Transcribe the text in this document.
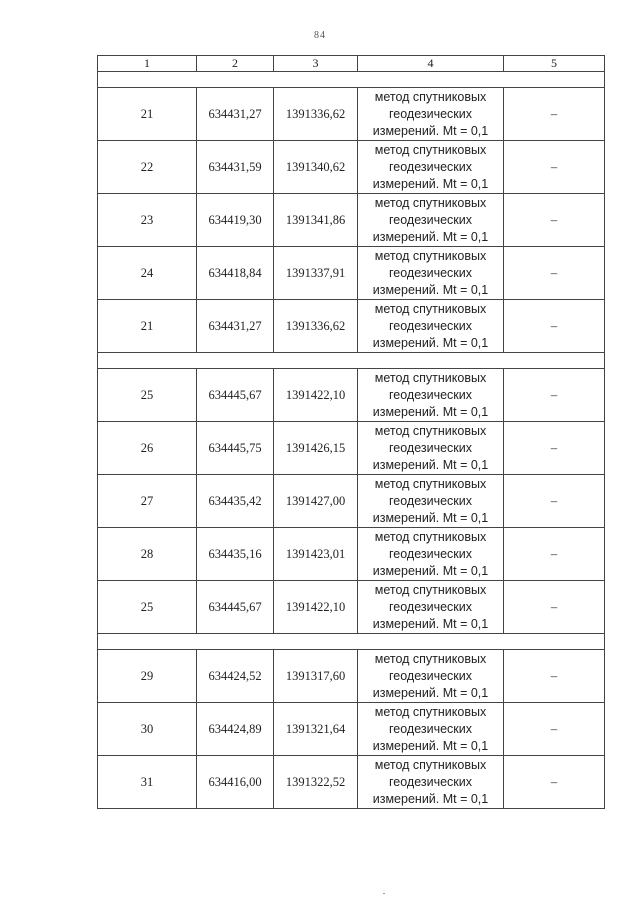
84
1	2	3	4	5

21	634431,27	1391336,62	метод спутниковых
геодезических
измерений. Mt = 0,1	–
22	634431,59	1391340,62	метод спутниковых
геодезических
измерений. Mt = 0,1	–
23	634419,30	1391341,86	метод спутниковых
геодезических
измерений. Mt = 0,1	–
24	634418,84	1391337,91	метод спутниковых
геодезических
измерений. Mt = 0,1	–
21	634431,27	1391336,62	метод спутниковых
геодезических
измерений. Mt = 0,1	–

25	634445,67	1391422,10	метод спутниковых
геодезических
измерений. Mt = 0,1	–
26	634445,75	1391426,15	метод спутниковых
геодезических
измерений. Mt = 0,1	–
27	634435,42	1391427,00	метод спутниковых
геодезических
измерений. Mt = 0,1	–
28	634435,16	1391423,01	метод спутниковых
геодезических
измерений. Mt = 0,1	–
25	634445,67	1391422,10	метод спутниковых
геодезических
измерений. Mt = 0,1	–

29	634424,52	1391317,60	метод спутниковых
геодезических
измерений. Mt = 0,1	–
30	634424,89	1391321,64	метод спутниковых
геодезических
измерений. Mt = 0,1	–
31	634416,00	1391322,52	метод спутниковых
геодезических
измерений. Mt = 0,1	–
